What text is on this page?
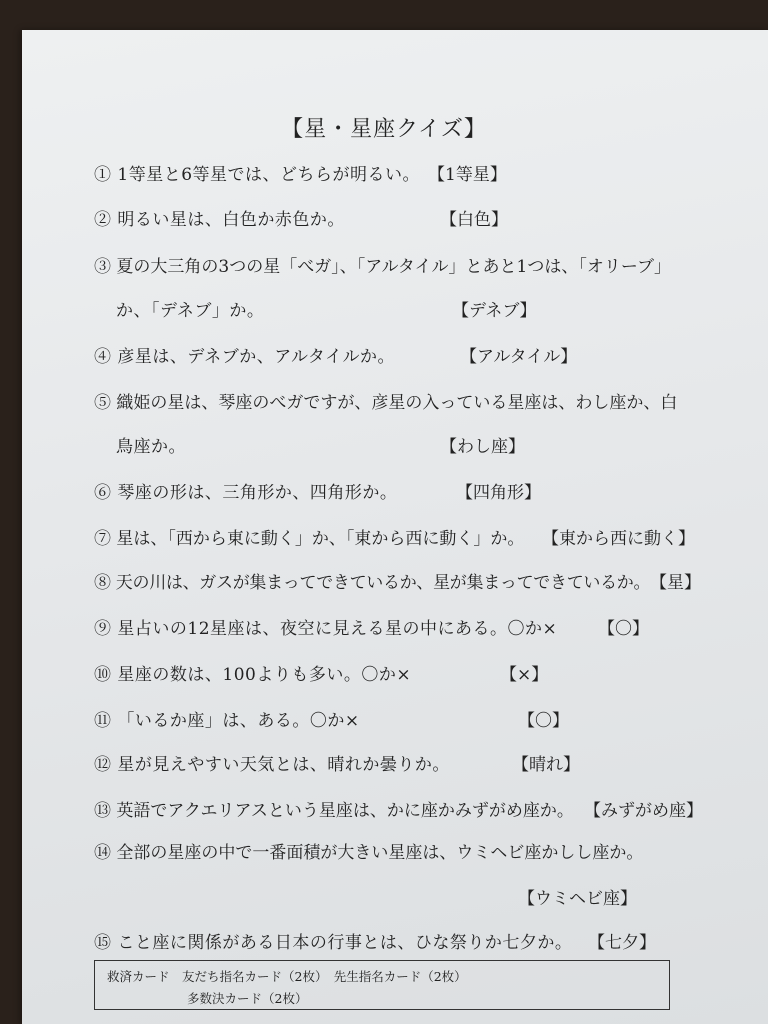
【星・星座クイズ】
① 1等星と6等星では、どちらが明るい。 【1等星】
② 明るい星は、白色か赤色か。	【白色】
③ 夏の大三角の3つの星「べガ」、「アルタイル」とあと1つは、「オリーブ」
か、「デネブ」か。	【デネブ】
④ 彦星は、デネブか、アルタイルか。	【アルタイル】
⑤ 織姫の星は、琴座のべガですが、彦星の入っている星座は、わし座か、白
鳥座か。	【わし座】
⑥ 琴座の形は、三角形か、四角形か。	【四角形】
⑦ 星は、「西から東に動く」か、「東から西に動く」か。 【東から西に動く】
⑧ 天の川は、ガスが集まってできているか、星が集まってできているか。 【星】
⑨ 星占いの12星座は、夜空に見える星の中にある。〇か× 【〇】
⑩ 星座の数は、100よりも多い。〇か×	【×】
⑪ 「いるか座」は、ある。〇か×	【〇】
⑫ 星が見えやすい天気とは、晴れか曇りか。	【晴れ】
⑬ 英語でアクエリアスという星座は、かに座かみずがめ座か。 【みずがめ座】
⑭ 全部の星座の中で一番面積が大きい星座は、ウミヘビ座かしし座か。
【ウミヘビ座】
⑮ こと座に関係がある日本の行事とは、ひな祭りか七夕か。 【七夕】
救済カード　友だち指名カード（2枚）　先生指名カード（2枚）
多数決カード（2枚）
